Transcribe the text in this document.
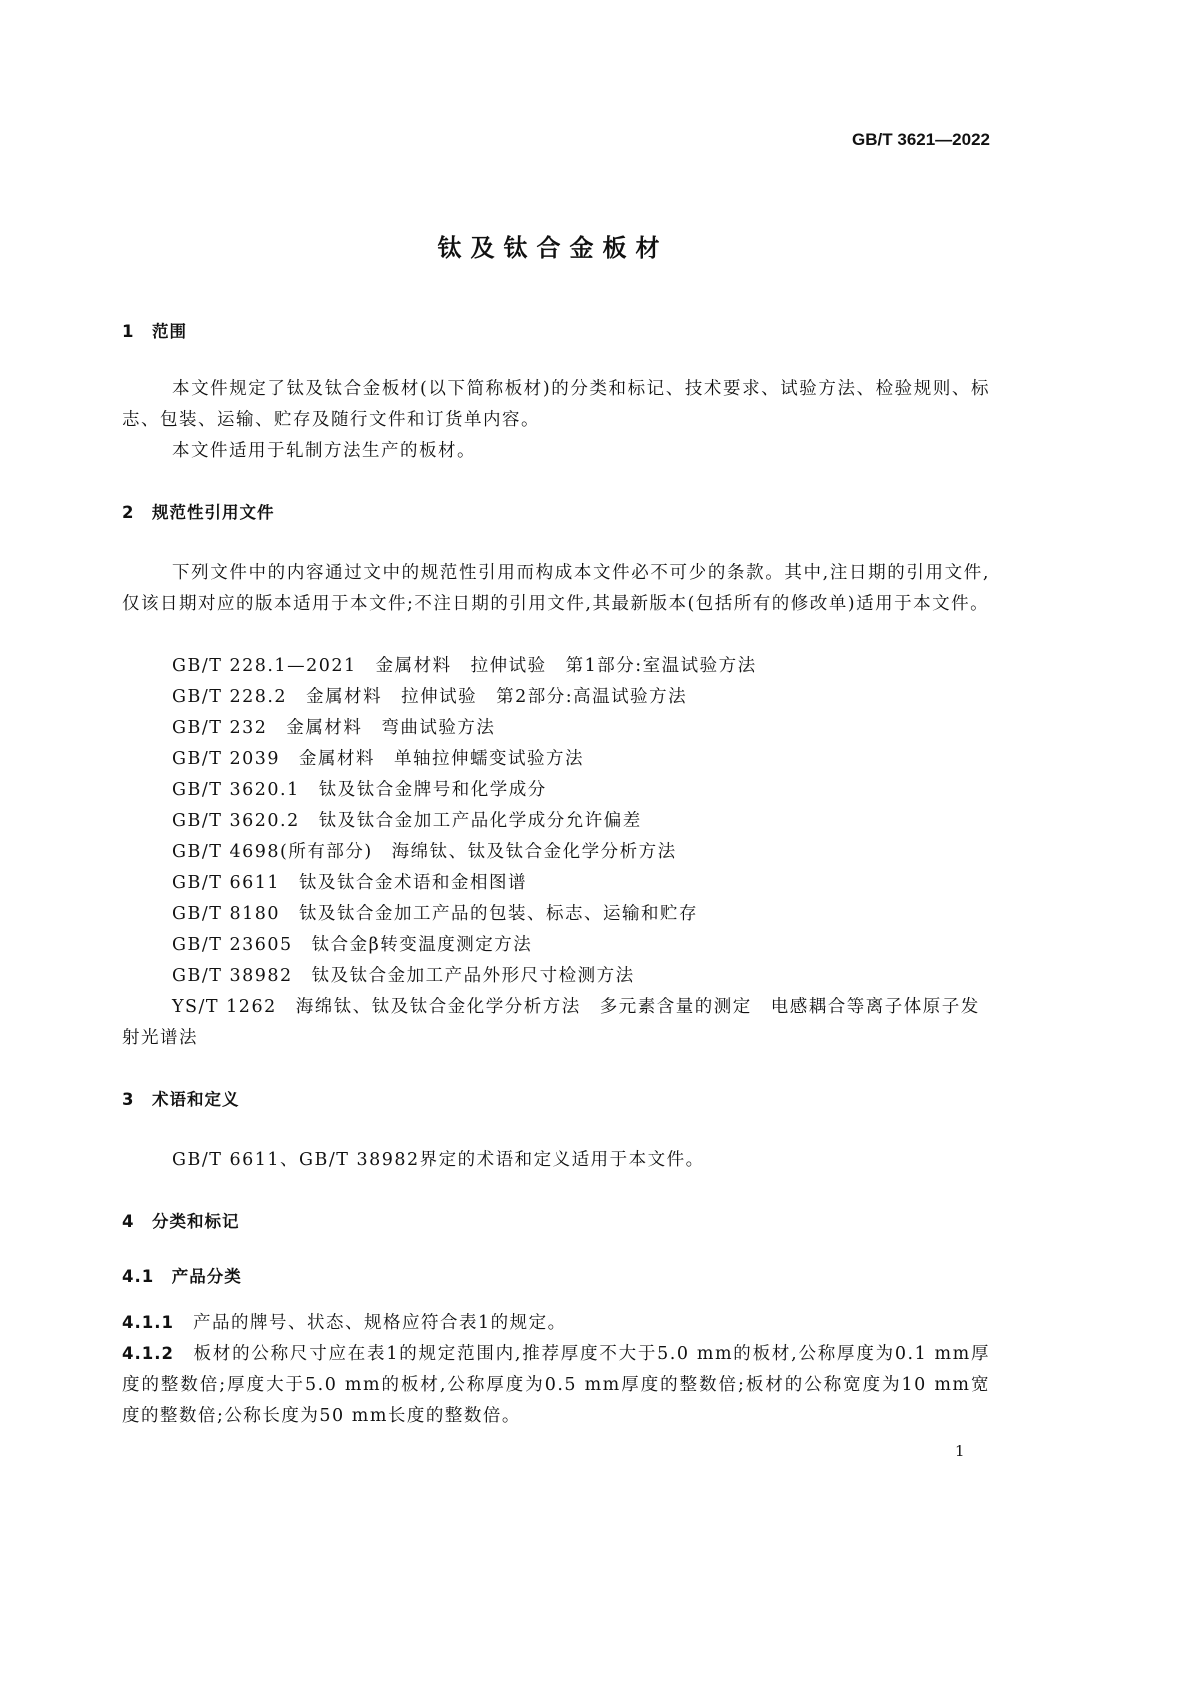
GB/T 3621—2022
钛及钛合金板材
1　范围
本文件规定了钛及钛合金板材(以下简称板材)的分类和标记、技术要求、试验方法、检验规则、标志、包装、运输、贮存及随行文件和订货单内容。
本文件适用于轧制方法生产的板材。
2　规范性引用文件
下列文件中的内容通过文中的规范性引用而构成本文件必不可少的条款。其中,注日期的引用文件,仅该日期对应的版本适用于本文件;不注日期的引用文件,其最新版本(包括所有的修改单)适用于本文件。
GB/T 228.1—2021　金属材料　拉伸试验　第1部分:室温试验方法
GB/T 228.2　金属材料　拉伸试验　第2部分:高温试验方法
GB/T 232　金属材料　弯曲试验方法
GB/T 2039　金属材料　单轴拉伸蠕变试验方法
GB/T 3620.1　钛及钛合金牌号和化学成分
GB/T 3620.2　钛及钛合金加工产品化学成分允许偏差
GB/T 4698(所有部分)　海绵钛、钛及钛合金化学分析方法
GB/T 6611　钛及钛合金术语和金相图谱
GB/T 8180　钛及钛合金加工产品的包装、标志、运输和贮存
GB/T 23605　钛合金β转变温度测定方法
GB/T 38982　钛及钛合金加工产品外形尺寸检测方法
YS/T 1262　海绵钛、钛及钛合金化学分析方法　多元素含量的测定　电感耦合等离子体原子发射光谱法
3　术语和定义
GB/T 6611、GB/T 38982界定的术语和定义适用于本文件。
4　分类和标记
4.1　产品分类
4.1.1　 产品的牌号、状态、规格应符合表1的规定。
4.1.2　 板材的公称尺寸应在表1的规定范围内,推荐厚度不大于5.0 mm的板材,公称厚度为0.1 mm厚度的整数倍;厚度大于5.0 mm的板材,公称厚度为0.5 mm厚度的整数倍;板材的公称宽度为10 mm宽度的整数倍;公称长度为50 mm长度的整数倍。
1
